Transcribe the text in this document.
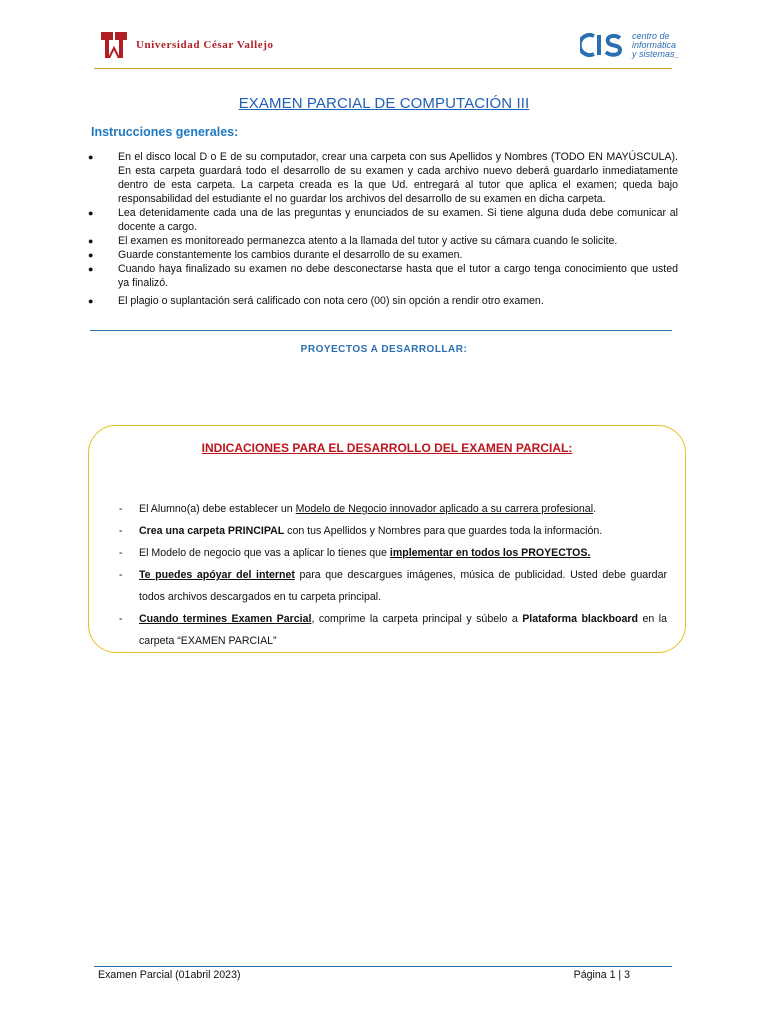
Universidad César Vallejo
centro de
informática
y sistemas_
EXAMEN PARCIAL DE COMPUTACIÓN III
Instrucciones generales:
● En el disco local D o E de su computador, crear una carpeta con sus Apellidos y Nombres (TODO EN MAYÚSCULA). En esta carpeta guardará todo el desarrollo de su examen y cada archivo nuevo deberá guardarlo inmediatamente dentro de esta carpeta. La carpeta creada es la que Ud. entregará al tutor que aplica el examen; queda bajo responsabilidad del estudiante el no guardar los archivos del desarrollo de su examen en dicha carpeta.
● Lea detenidamente cada una de las preguntas y enunciados de su examen. Si tiene alguna duda debe comunicar al docente a cargo.
● El examen es monitoreado permanezca atento a la llamada del tutor y active su cámara cuando le solicite.
● Guarde constantemente los cambios durante el desarrollo de su examen.
● Cuando haya finalizado su examen no debe desconectarse hasta que el tutor a cargo tenga conocimiento que usted ya finalizó.
● El plagio o suplantación será calificado con nota cero (00) sin opción a rendir otro examen.
PROYECTOS A DESARROLLAR:
INDICACIONES PARA EL DESARROLLO DEL EXAMEN PARCIAL:
- El Alumno(a) debe establecer un Modelo de Negocio innovador aplicado a su carrera profesional.
- Crea una carpeta PRINCIPAL con tus Apellidos y Nombres para que guardes toda la información.
- El Modelo de negocio que vas a aplicar lo tienes que implementar en todos los PROYECTOS.
- Te puedes apóyar del internet para que descargues imágenes, música de publicidad. Usted debe guardar todos archivos descargados en tu carpeta principal.
- Cuando termines Examen Parcial, comprime la carpeta principal y súbelo a Plataforma blackboard en la carpeta “EXAMEN PARCIAL”
Examen Parcial (01abril 2023)	Página 1 | 3
